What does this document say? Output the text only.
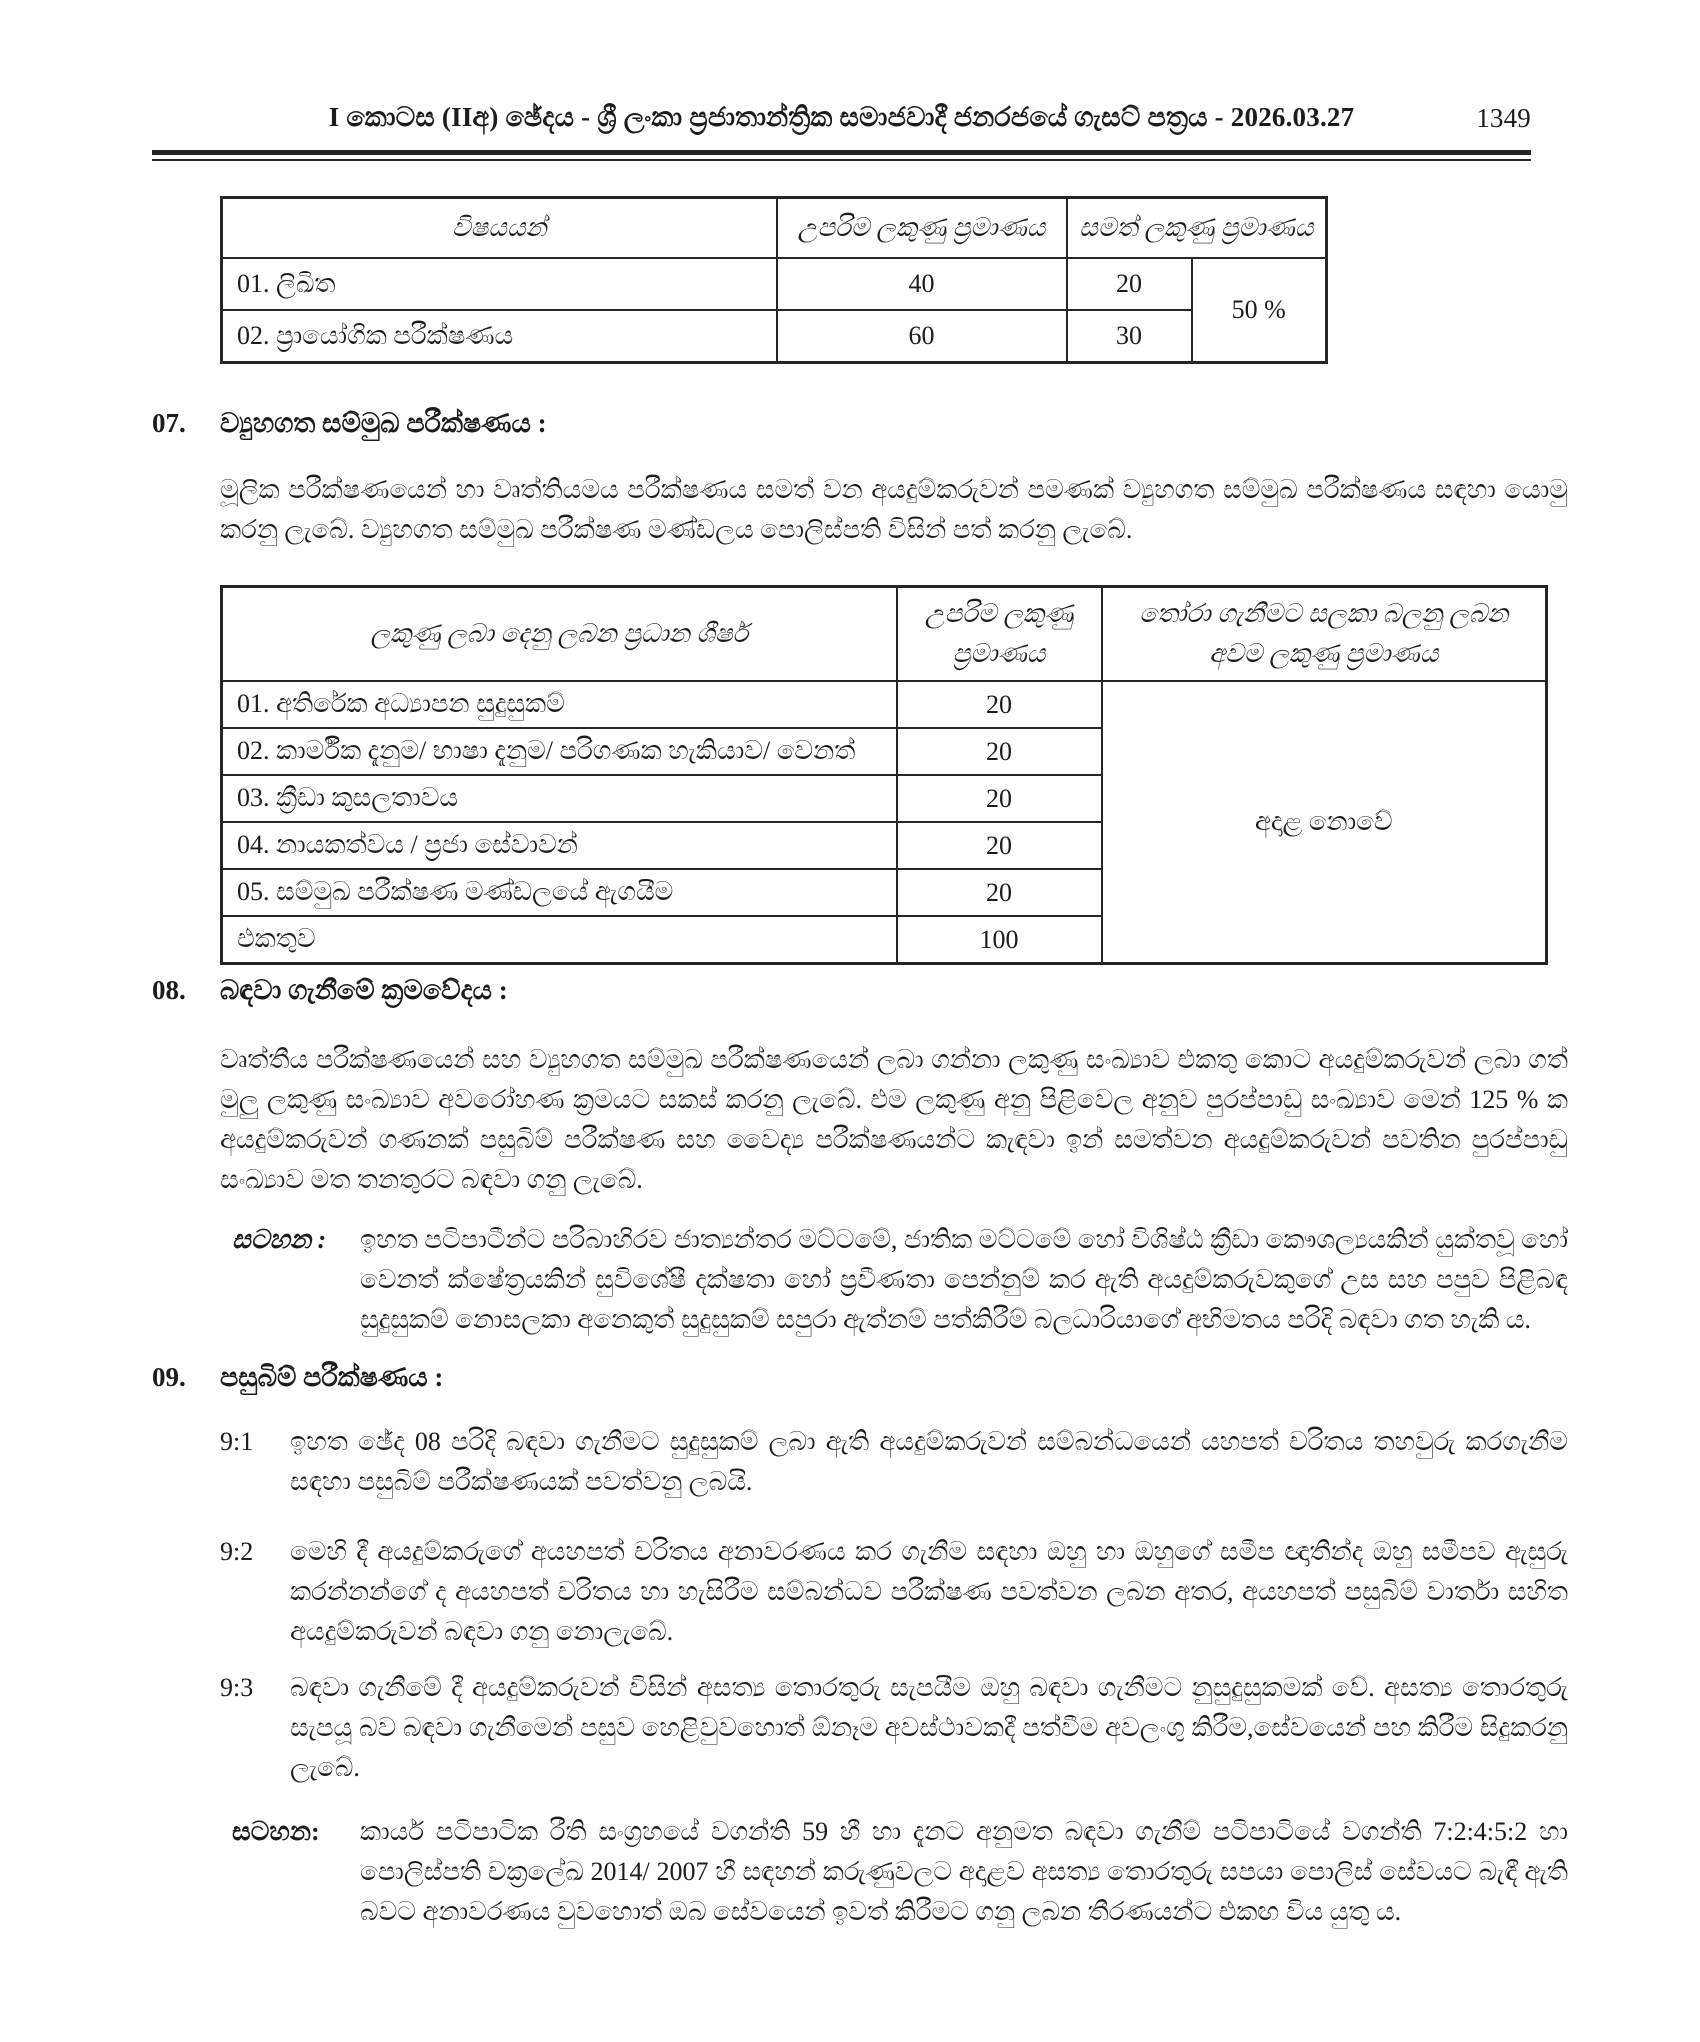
I කොටස (IIඅ) ඡේදය - ශ්‍රී ලංකා ප්‍රජාතාන්ත්‍රික සමාජවාදී ජනරජයේ ගැසට් පත්‍රය - 2026.03.27	1349
විෂයයන්	උපරිම ලකුණු ප්‍රමාණය	සමත් ලකුණු ප්‍රමාණය	
01. ලිඛිත	40	20	50 %
02. ප්‍රායෝගික පරීක්ෂණය	60	30	
07. ව්‍යුහගත සම්මුඛ පරීක්ෂණය :
මූලික පරීක්ෂණයෙන් හා වෘත්තියමය පරීක්ෂණය සමත් වන අයදුම්කරුවන් පමණක් ව්‍යුහගත සම්මුඛ පරීක්ෂණය සඳහා යොමු කරනු ලැබේ. ව්‍යුහගත සම්මුඛ පරීක්ෂණ මණ්ඩලය පොලිස්පති විසින් පත් කරනු ලැබේ.
ලකුණු ලබා දෙනු ලබන ප්‍රධාන ශීර්ෂ	උපරිම ලකුණු ප්‍රමාණය	තෝරා ගැනීමට සලකා බලනු ලබන අවම ලකුණු ප්‍රමාණය
01. අතිරේක අධ්‍යාපන සුදුසුකම්	20	අදාළ නොවේ
02. කාර්මීක දැනුම/ භාෂා දැනුම/ පරිගණක හැකියාව/ වෙනත්	20	
03. ක්‍රීඩා කුසලතාවය	20	
04. නායකත්වය / ප්‍රජා සේවාවන්	20	
05. සම්මුඛ පරීක්ෂණ මණ්ඩලයේ ඇගයීම	20	
එකතුව	100	
08. බඳවා ගැනීමේ ක්‍රමවේදය :
වෘත්තීය පරීක්ෂණයෙන් සහ ව්‍යුහගත සම්මුඛ පරීක්ෂණයෙන් ලබා ගන්නා ලකුණු සංඛ්‍යාව එකතු කොට අයදුම්කරුවන් ලබා ගත් මුලු ලකුණු සංඛ්‍යාව අවරෝහණ ක්‍රමයට සකස් කරනු ලැබේ. එම ලකුණු අනු පිළිවෙල අනුව පුරප්පාඩු සංඛ්‍යාව මෙන් 125 % ක අයදුම්කරුවන් ගණනක් පසුබිම් පරීක්ෂණ සහ වෛද්‍ය පරීක්ෂණයන්ට කැඳවා ඉන් සමත්වන අයදුම්කරුවන් පවතින පුරප්පාඩු සංඛ්‍යාව මත තනතුරට බඳවා ගනු ලැබේ.
සටහන : ඉහත පටිපාටීන්ට පරිබාහිරව ජාත්‍යන්තර මට්ටමේ, ජාතික මට්ටමේ හෝ විශිෂ්ඨ ක්‍රීඩා කෞශල්‍යයකින් යුක්තවූ හෝ වෙනත් ක්ෂේත්‍රයකින් සුවිශේෂී දක්ෂතා හෝ ප්‍රවීණතා පෙන්නුම් කර ඇති අයදුම්කරුවකුගේ උස සහ පපුව පිළිබඳ සුදුසුකම් නොසලකා අනෙකුත් සුදුසුකම් සපුරා ඇත්නම් පත්කිරීම් බලධාරියාගේ අභිමතය පරිදි බඳවා ගත හැකි ය.
09. පසුබිම් පරීක්ෂණය :
9:1 ඉහත ඡේද 08 පරිදි බඳවා ගැනීමට සුදුසුකම් ලබා ඇති අයදුම්කරුවන් සම්බන්ධයෙන් යහපත් චරිතය තහවුරු කරගැනීම සඳහා පසුබිම් පරීක්ෂණයක් පවත්වනු ලබයි.
9:2 මෙහි දී අයදුම්කරුගේ අයහපත් චරිතය අනාවරණය කර ගැනීම සඳහා ඔහු හා ඔහුගේ සමීප ඥාතීන්ද ඔහු සමීපව ඇසුරු කරන්නන්ගේ ද අයහපත් චරිතය හා හැසිරීම සම්බන්ධව පරීක්ෂණ පවත්වන ලබන අතර, අයහපත් පසුබිම් වාර්තා සහිත අයදුම්කරුවන් බඳවා ගනු නොලැබේ.
9:3 බඳවා ගැනීමේ දී අයදුම්කරුවන් විසින් අසත්‍ය තොරතුරු සැපයීම ඔහු බඳවා ගැනීමට නුසුදුසුකමක් වේ. අසත්‍ය තොරතුරු සැපයූ බව බඳවා ගැනීමෙන් පසුව හෙළිවුවහොත් ඕනෑම අවස්ථාවකදී පත්වීම අවලංගු කිරීම,සේවයෙන් පහ කිරීම සිදුකරනු ලැබේ.
සටහන: කාර්ය පටිපාටික රීති සංග්‍රහයේ වගන්ති 59 හී හා දැනට අනුමත බඳවා ගැනීම් පටිපාටියේ වගන්ති 7:2:4:5:2 හා පොලිස්පති චක්‍රලේඛ 2014/ 2007 හී සඳහන් කරුණුවලට අදාළව අසත්‍ය තොරතුරු සපයා පොලිස් සේවයට බැඳී ඇති බවට අනාවරණය වුවහොත් ඔබ සේවයෙන් ඉවත් කිරීමට ගනු ලබන තීරණයන්ට එකඟ විය යුතු ය.
